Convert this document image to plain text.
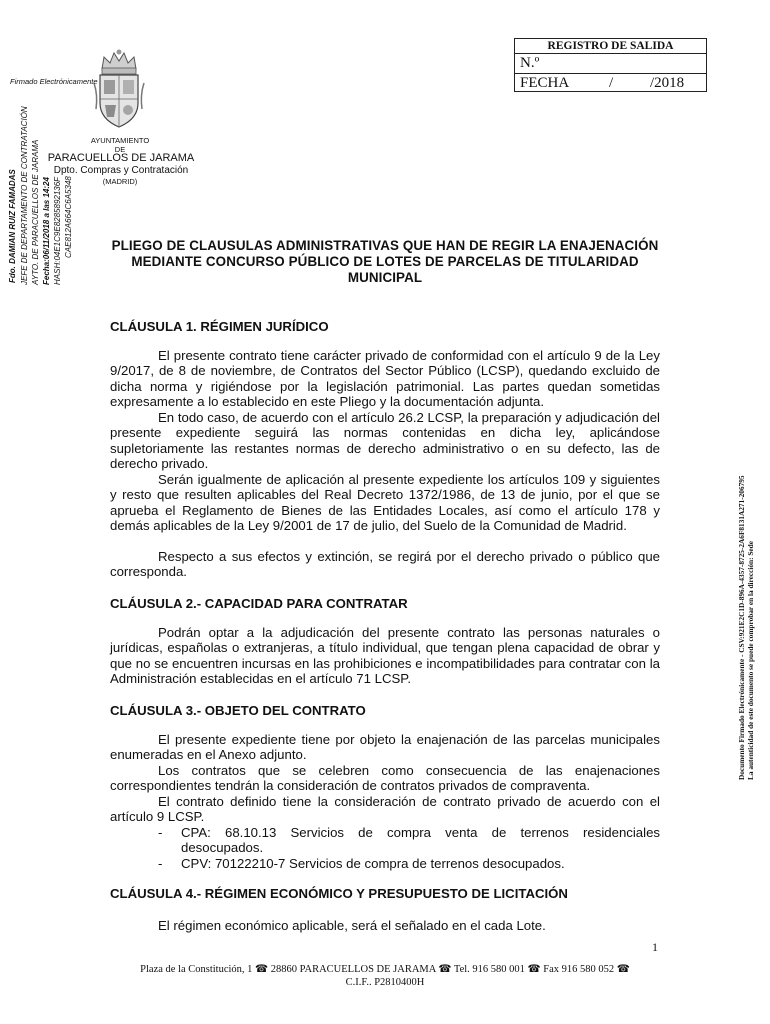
REGISTRO DE SALIDA
N.º
FECHA	/ /2018
Firmado Electrónicamente
Fdo. DAMIAN RUIZ FAMADAS JEFE DE DEPARTAMENTO DE CONTRATACIÓN AYTO. DE PARACUELLOS DE JARAMA Fecha:06/11/2018 a las 14:24 HASH:04E1C9E8285892136F CAE812A664C6A5348
AYUNTAMIENTO
DE
PARACUELLOS DE JARAMA
Dpto. Compras y Contratación
(MADRID)
PLIEGO DE CLAUSULAS ADMINISTRATIVAS QUE HAN DE REGIR LA ENAJENACIÓN MEDIANTE CONCURSO PÚBLICO DE LOTES DE PARCELAS DE TITULARIDAD MUNICIPAL
CLÁUSULA 1. RÉGIMEN JURÍDICO

El presente contrato tiene carácter privado de conformidad con el artículo 9 de la Ley 9/2017, de 8 de noviembre, de Contratos del Sector Público (LCSP), quedando excluido de dicha norma y rigiéndose por la legislación patrimonial. Las partes quedan sometidas expresamente a lo establecido en este Pliego y la documentación adjunta.

En todo caso, de acuerdo con el artículo 26.2 LCSP, la preparación y adjudicación del presente expediente seguirá las normas contenidas en dicha ley, aplicándose supletoriamente las restantes normas de derecho administrativo o en su defecto, las de derecho privado.

Serán igualmente de aplicación al presente expediente los artículos 109 y siguientes y resto que resulten aplicables del Real Decreto 1372/1986, de 13 de junio, por el que se aprueba el Reglamento de Bienes de las Entidades Locales, así como el artículo 178 y demás aplicables de la Ley 9/2001 de 17 de julio, del Suelo de la Comunidad de Madrid.

Respecto a sus efectos y extinción, se regirá por el derecho privado o público que corresponda.

CLÁUSULA 2.- CAPACIDAD PARA CONTRATAR

Podrán optar a la adjudicación del presente contrato las personas naturales o jurídicas, españolas o extranjeras, a título individual, que tengan plena capacidad de obrar y que no se encuentren incursas en las prohibiciones e incompatibilidades para contratar con la Administración establecidas en el artículo 71 LCSP.

CLÁUSULA 3.- OBJETO DEL CONTRATO

El presente expediente tiene por objeto la enajenación de las parcelas municipales enumeradas en el Anexo adjunto.

Los contratos que se celebren como consecuencia de las enajenaciones correspondientes tendrán la consideración de contratos privados de compraventa.

El contrato definido tiene la consideración de contrato privado de acuerdo con el artículo 9 LCSP.

- CPA: 68.10.13 Servicios de compra venta de terrenos residenciales desocupados.
- CPV: 70122210-7 Servicios de compra de terrenos desocupados.
CLÁUSULA 4.- RÉGIMEN ECONÓMICO Y PRESUPUESTO DE LICITACIÓN

El régimen económico aplicable, será el señalado en el cada Lote.

1
Plaza de la Constitución, 1 ☎ 28860 PARACUELLOS DE JARAMA ☎ Tel. 916 580 001 ☎ Fax 916 580 052 ☎
C.I.F.. P2810400H
Documento Firmado Electrónicamente - CSV:921E2C1D-896A-4357-8725-2A6F8131A271-206795 La autenticidad de este documento se puede comprobar en la dirección: Sede
